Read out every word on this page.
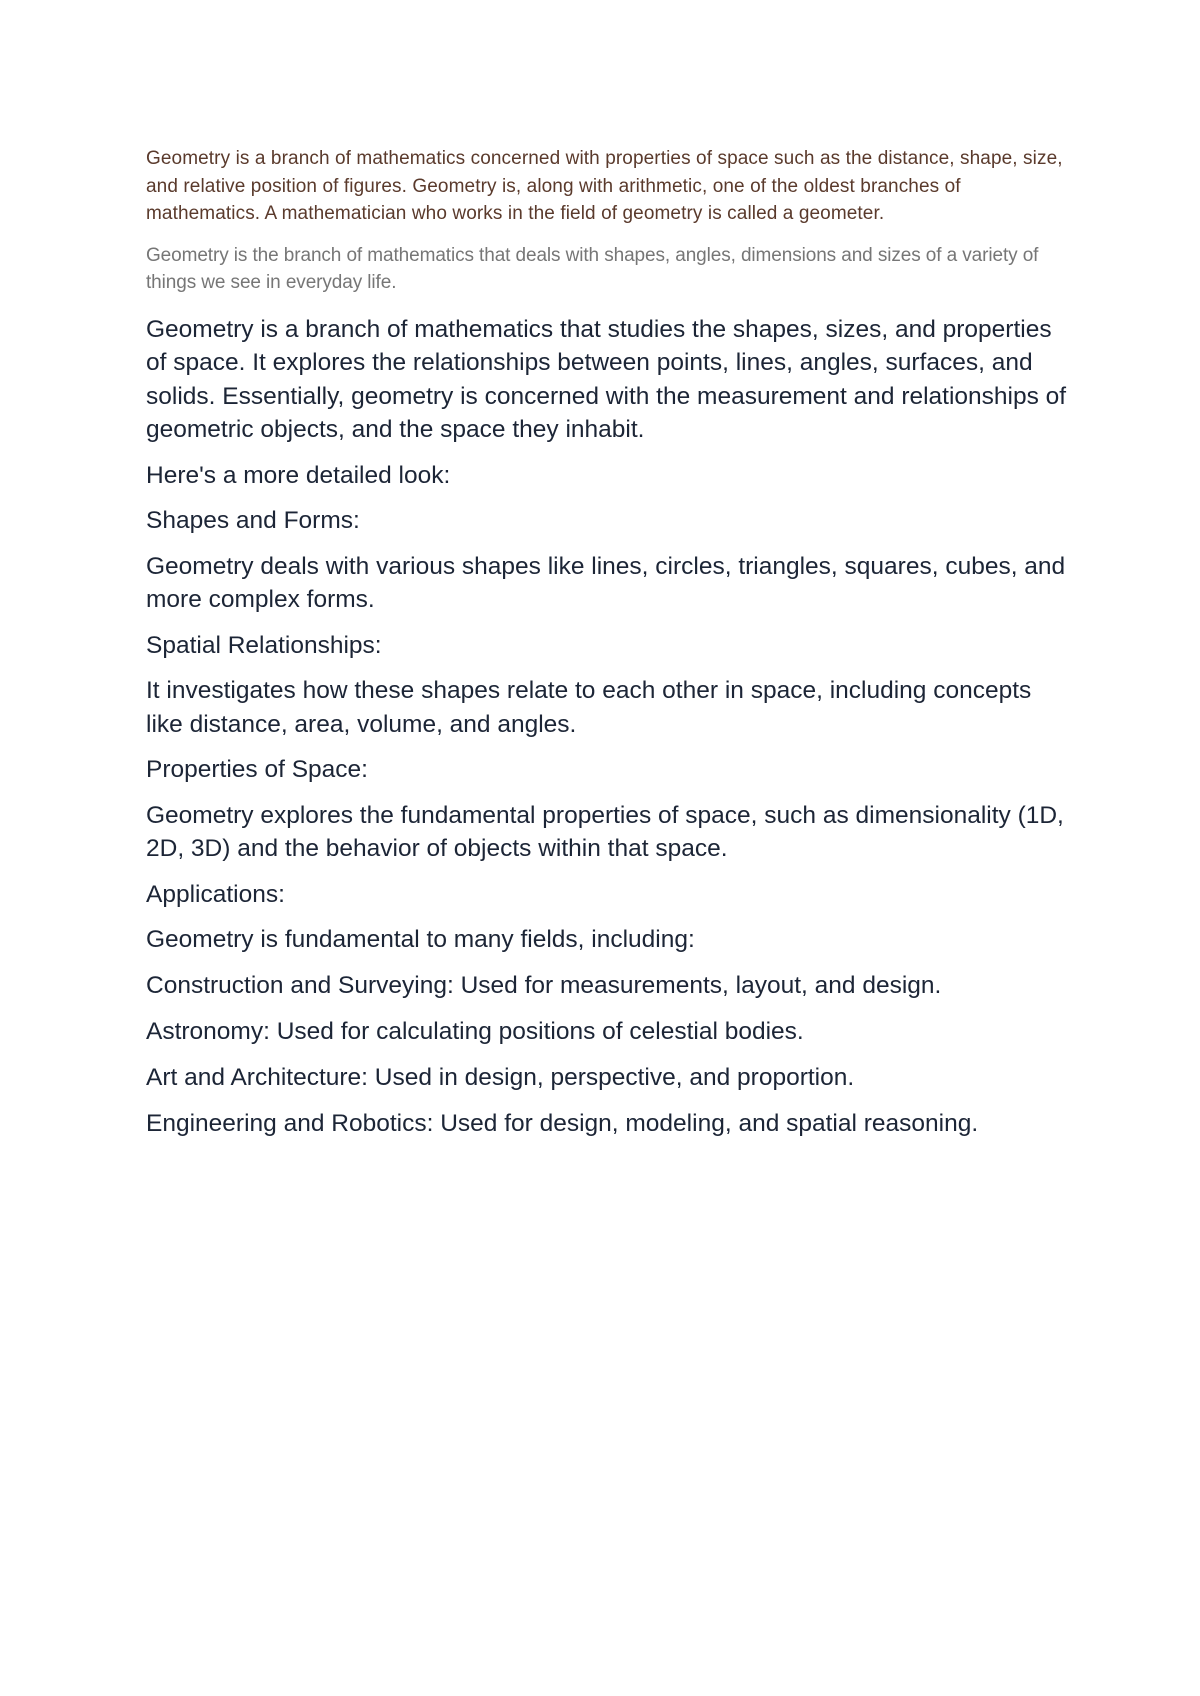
Geometry is a branch of mathematics concerned with properties of space such as the distance, shape, size, and relative position of figures. Geometry is, along with arithmetic, one of the oldest branches of mathematics. A mathematician who works in the field of geometry is called a geometer.

Geometry is the branch of mathematics that deals with shapes, angles, dimensions and sizes of a variety of things we see in everyday life.

Geometry is a branch of mathematics that studies the shapes, sizes, and properties of space. It explores the relationships between points, lines, angles, surfaces, and solids. Essentially, geometry is concerned with the measurement and relationships of geometric objects, and the space they inhabit.

Here's a more detailed look:

Shapes and Forms:

Geometry deals with various shapes like lines, circles, triangles, squares, cubes, and more complex forms.

Spatial Relationships:

It investigates how these shapes relate to each other in space, including concepts like distance, area, volume, and angles.

Properties of Space:

Geometry explores the fundamental properties of space, such as dimensionality (1D, 2D, 3D) and the behavior of objects within that space.

Applications:

Geometry is fundamental to many fields, including:

Construction and Surveying: Used for measurements, layout, and design.

Astronomy: Used for calculating positions of celestial bodies.

Art and Architecture: Used in design, perspective, and proportion.

Engineering and Robotics: Used for design, modeling, and spatial reasoning.
